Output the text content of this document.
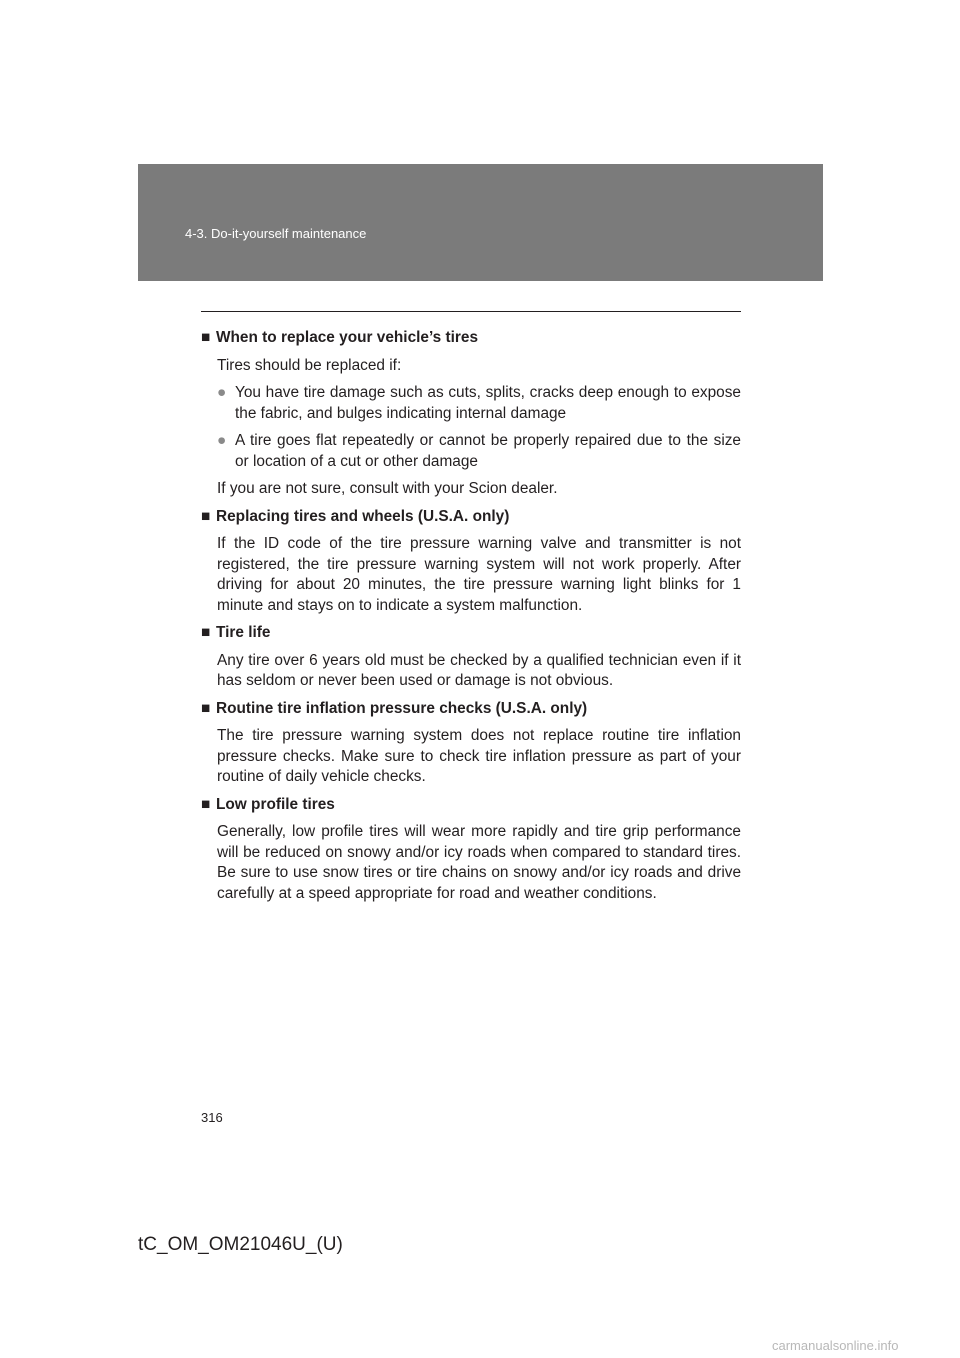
4-3. Do-it-yourself maintenance
■ When to replace your vehicle’s tires
Tires should be replaced if:
● You have tire damage such as cuts, splits, cracks deep enough to expose the fabric, and bulges indicating internal damage
● A tire goes flat repeatedly or cannot be properly repaired due to the size or location of a cut or other damage
If you are not sure, consult with your Scion dealer.
■ Replacing tires and wheels (U.S.A. only)
If the ID code of the tire pressure warning valve and transmitter is not registered, the tire pressure warning system will not work properly. After driving for about 20 minutes, the tire pressure warning light blinks for 1 minute and stays on to indicate a system malfunction.
■ Tire life
Any tire over 6 years old must be checked by a qualified technician even if it has seldom or never been used or damage is not obvious.
■ Routine tire inflation pressure checks (U.S.A. only)
The tire pressure warning system does not replace routine tire inflation pressure checks. Make sure to check tire inflation pressure as part of your routine of daily vehicle checks.
■ Low profile tires
Generally, low profile tires will wear more rapidly and tire grip performance will be reduced on snowy and/or icy roads when compared to standard tires. Be sure to use snow tires or tire chains on snowy and/or icy roads and drive carefully at a speed appropriate for road and weather conditions.
316
tC_OM_OM21046U_(U)
carmanualsonline.info
